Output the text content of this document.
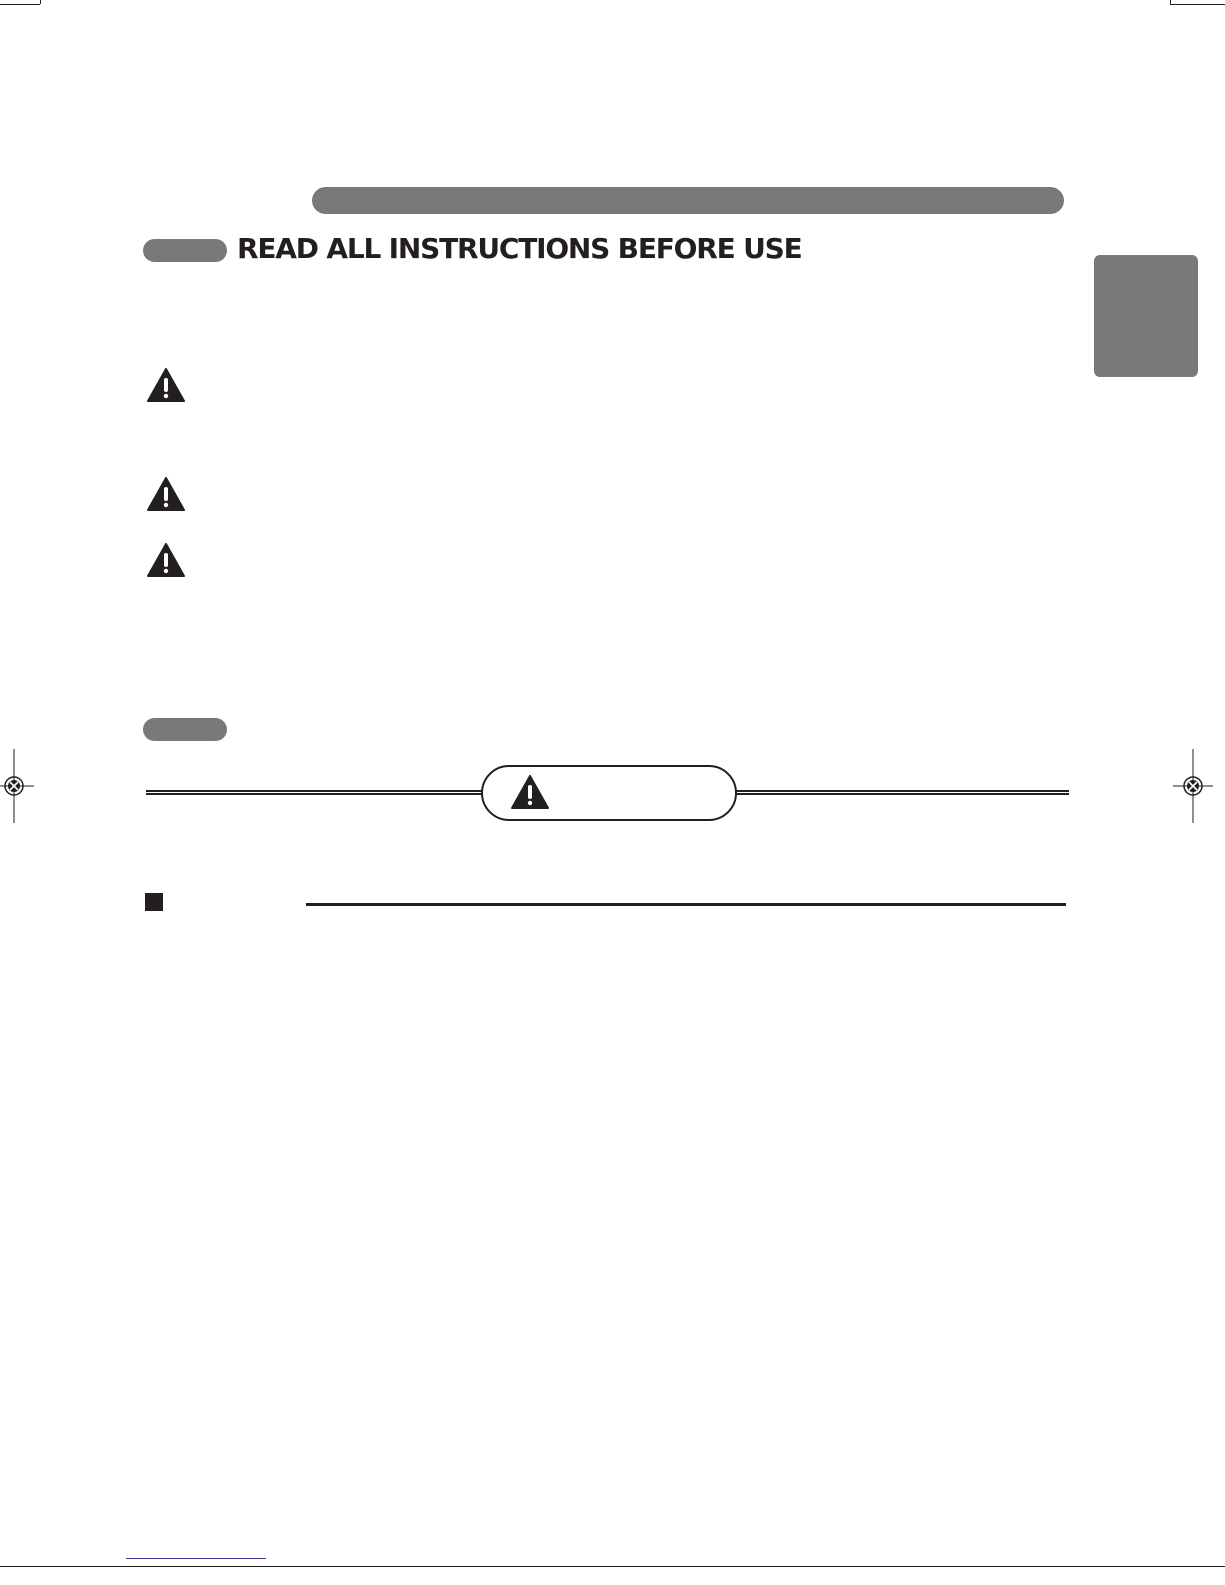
READ ALL INSTRUCTIONS BEFORE USE
